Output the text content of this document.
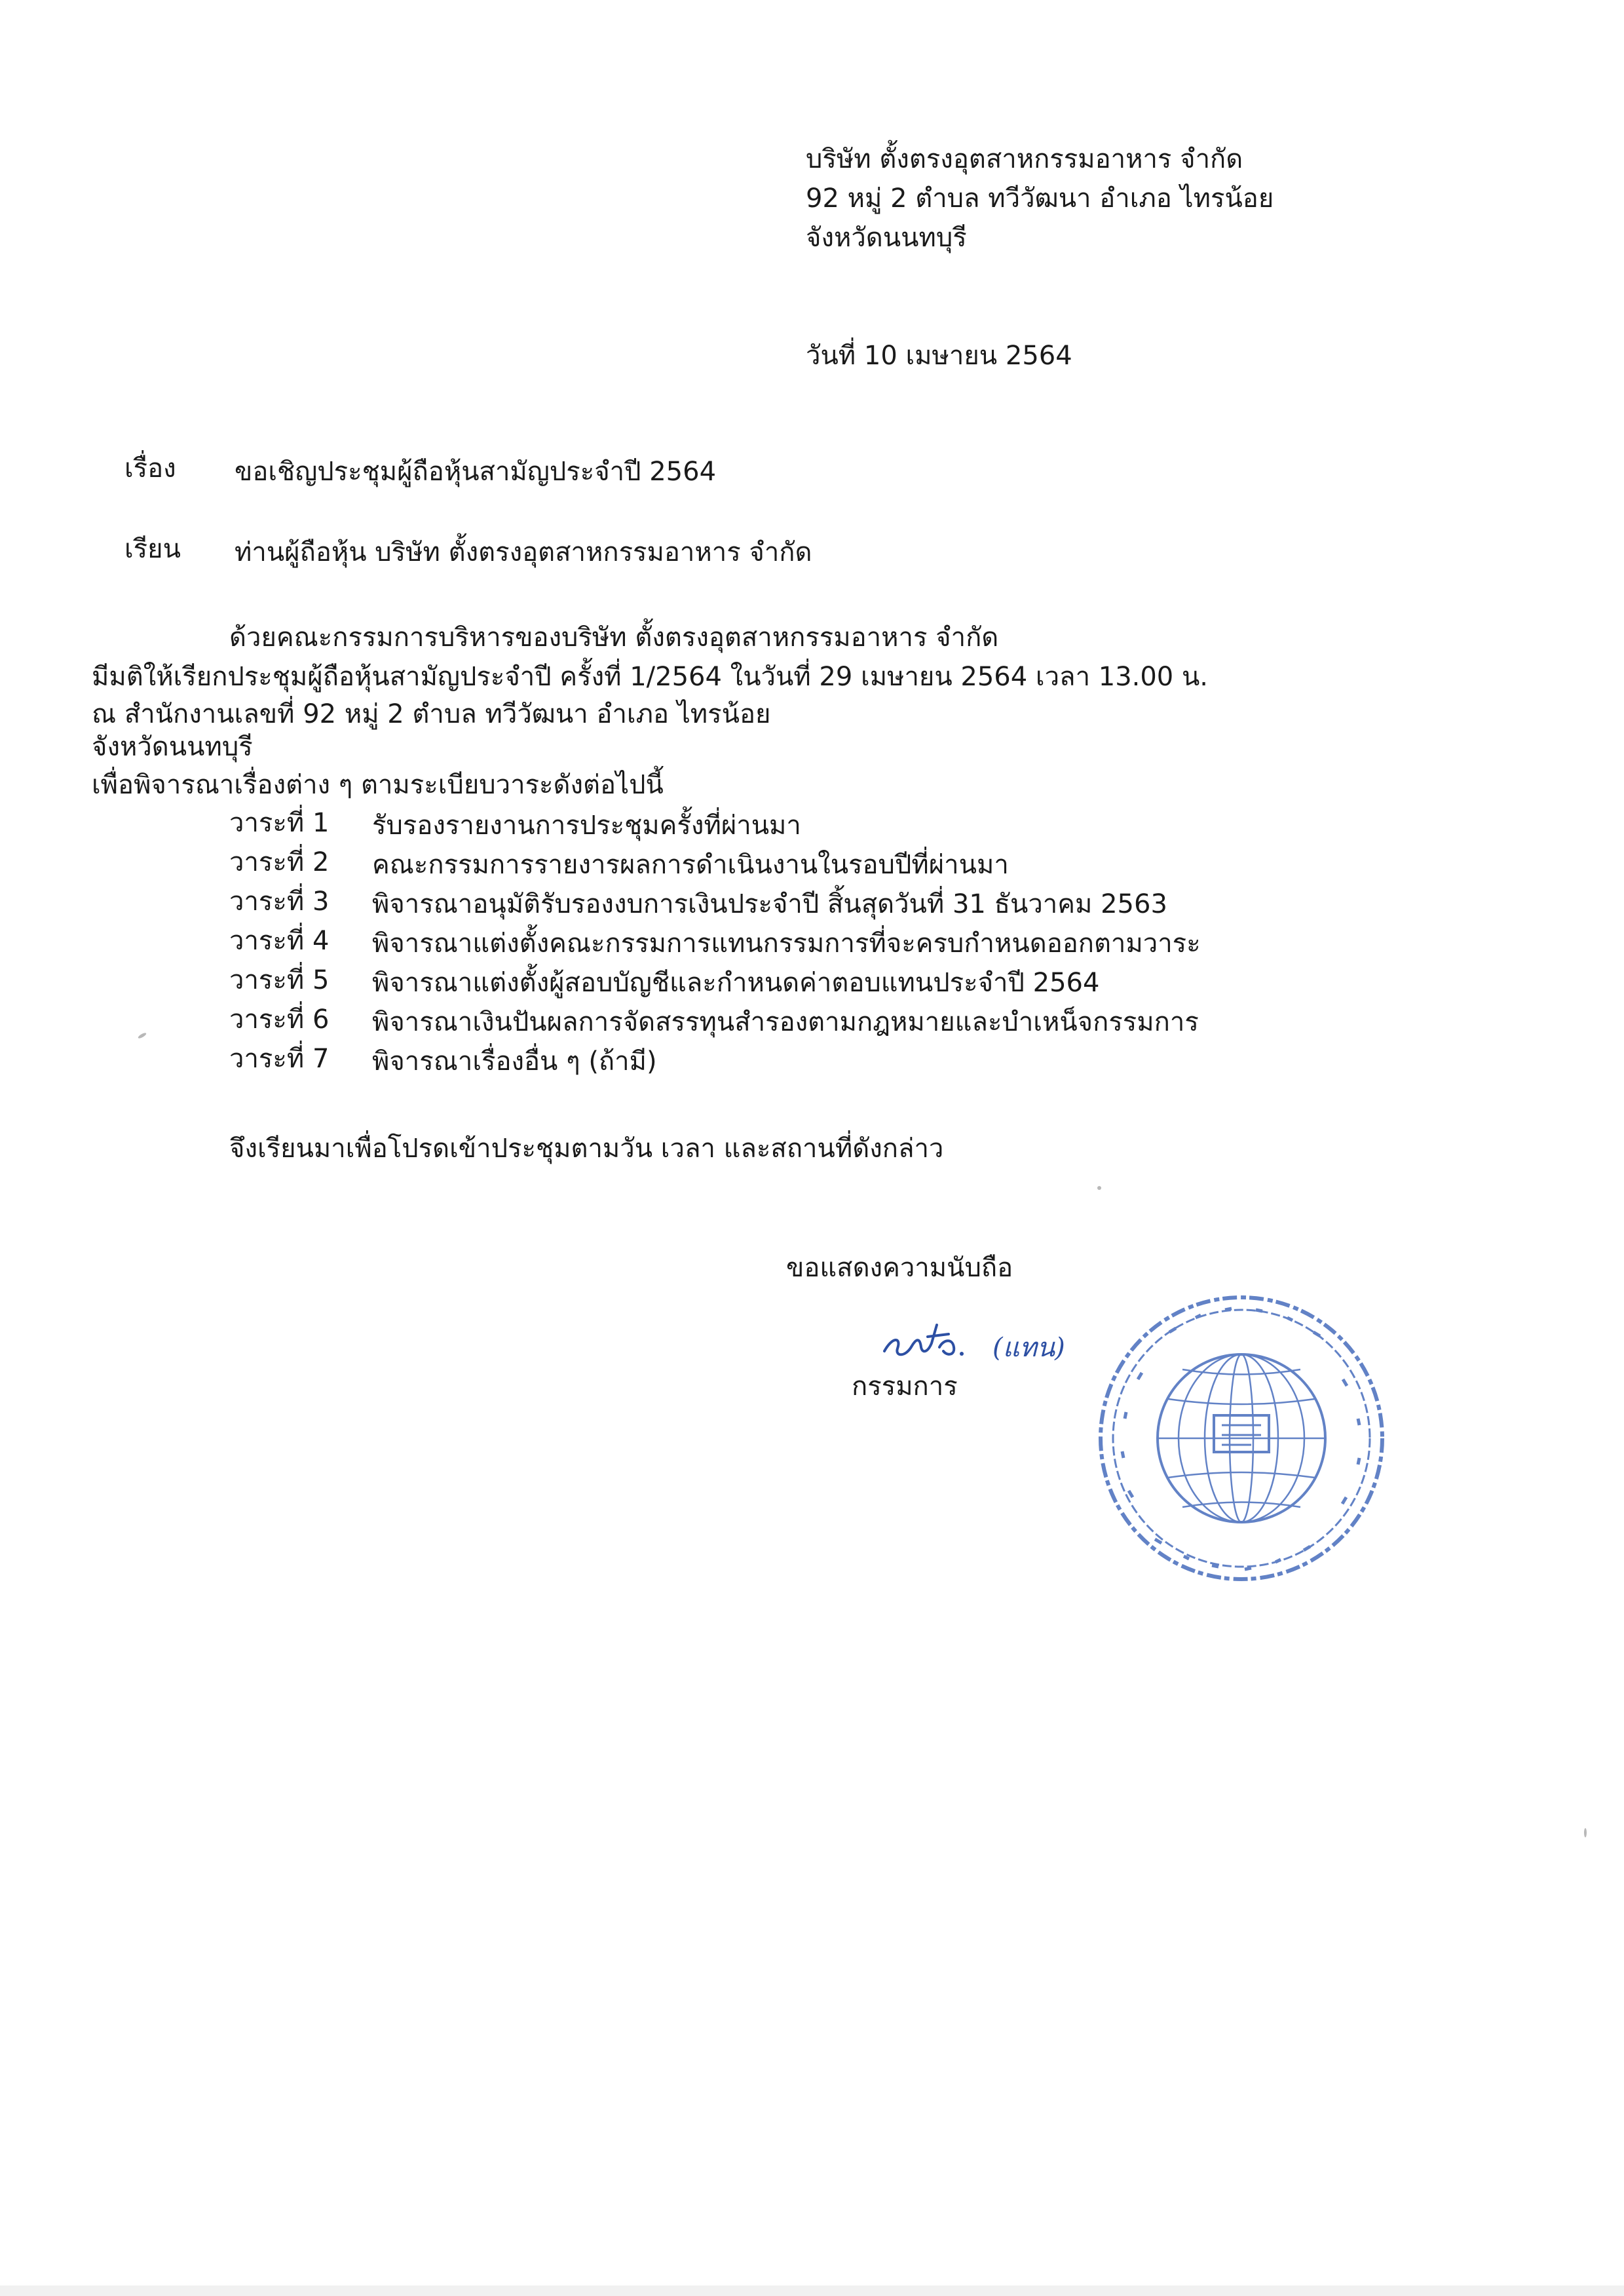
บริษัท ตั้งตรงอุตสาหกรรมอาหาร จำกัด
92 หมู่ 2 ตำบล ทวีวัฒนา อำเภอ ไทรน้อย
จังหวัดนนทบุรี
วันที่ 10 เมษายน 2564
เรื่อง ขอเชิญประชุมผู้ถือหุ้นสามัญประจำปี 2564
เรียน ท่านผู้ถือหุ้น บริษัท ตั้งตรงอุตสาหกรรมอาหาร จำกัด
ด้วยคณะกรรมการบริหารของบริษัท ตั้งตรงอุตสาหกรรมอาหาร จำกัด
มีมติให้เรียกประชุมผู้ถือหุ้นสามัญประจำปี ครั้งที่ 1/2564 ในวันที่ 29 เมษายน 2564 เวลา 13.00 น.
ณ สำนักงานเลขที่ 92 หมู่ 2 ตำบล ทวีวัฒนา อำเภอ ไทรน้อย
จังหวัดนนทบุรี
เพื่อพิจารณาเรื่องต่าง ๆ ตามระเบียบวาระดังต่อไปนี้
วาระที่ 1 รับรองรายงานการประชุมครั้งที่ผ่านมา
วาระที่ 2 คณะกรรมการรายงารผลการดำเนินงานในรอบปีที่ผ่านมา
วาระที่ 3 พิจารณาอนุมัติรับรองงบการเงินประจำปี สิ้นสุดวันที่ 31 ธันวาคม 2563
วาระที่ 4 พิจารณาแต่งตั้งคณะกรรมการแทนกรรมการที่จะครบกำหนดออกตามวาระ
วาระที่ 5 พิจารณาแต่งตั้งผู้สอบบัญชีและกำหนดค่าตอบแทนประจำปี 2564
วาระที่ 6 พิจารณาเงินปันผลการจัดสรรทุนสำรองตามกฎหมายและบำเหน็จกรรมการ
วาระที่ 7 พิจารณาเรื่องอื่น ๆ (ถ้ามี)
จึงเรียนมาเพื่อโปรดเข้าประชุมตามวัน เวลา และสถานที่ดังกล่าว
ขอแสดงความนับถือ
(แทน)
กรรมการ
